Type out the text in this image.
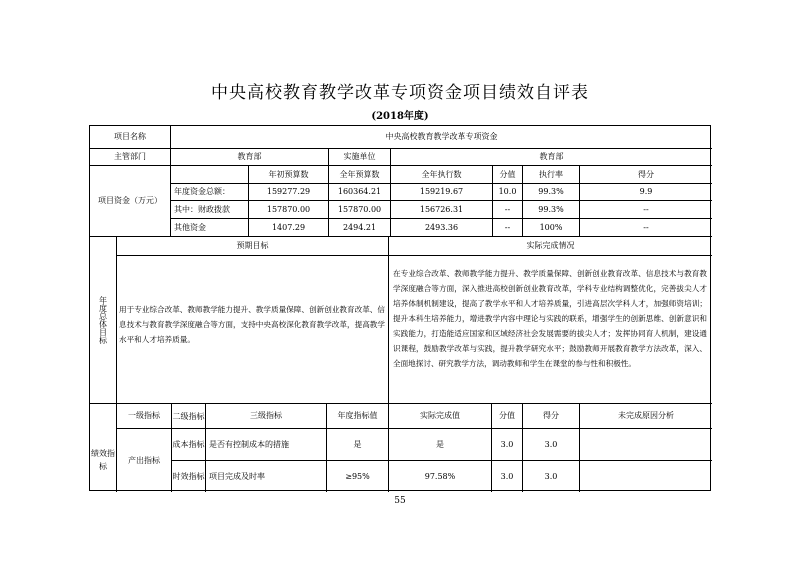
中央高校教育教学改革专项资金项目绩效自评表
(2018年度)
项目名称	中央高校教育教学改革专项资金
主管部门	教育部	实施单位	教育部
项目资金（万元）
年初预算数	全年预算数	全年执行数	分值	执行率	得分
年度资金总额：	159277.29	160364.21	159219.67	10.0	99.3%	9.9
其中：财政拨款	157870.00	157870.00	156726.31	--	99.3%	--
其他资金	1407.29	2494.21	2493.36	--	100%	--
年度总体目标
预期目标	实际完成情况
用于专业综合改革、教师教学能力提升、教学质量保障、创新创业教育改革、信息技术与教育教学深度融合等方面，支持中央高校深化教育教学改革，提高教学水平和人才培养质量。
在专业综合改革、教师教学能力提升、教学质量保障、创新创业教育改革、信息技术与教育教学深度融合等方面，深入推进高校创新创业教育改革，学科专业结构调整优化，完善拔尖人才培养体制机制建设，提高了教学水平和人才培养质量，引进高层次学科人才，加强师资培训；提升本科生培养能力，增进教学内容中理论与实践的联系，增强学生的创新思维、创新意识和实践能力，打造能适应国家和区域经济社会发展需要的拔尖人才；发挥协同育人机制，建设通识课程，鼓励教学改革与实践，提升教学研究水平；鼓励教师开展教育教学方法改革，深入、全面地探讨、研究教学方法，调动教师和学生在课堂的参与性和积极性。
绩效指标
一级指标	二级指标	三级指标	年度指标值	实际完成值	分值	得分	未完成原因分析
产出指标
成本指标 是否有控制成本的措施	是	是	3.0	3.0
时效指标 项目完成及时率	≥95%	97.58%	3.0	3.0
55
